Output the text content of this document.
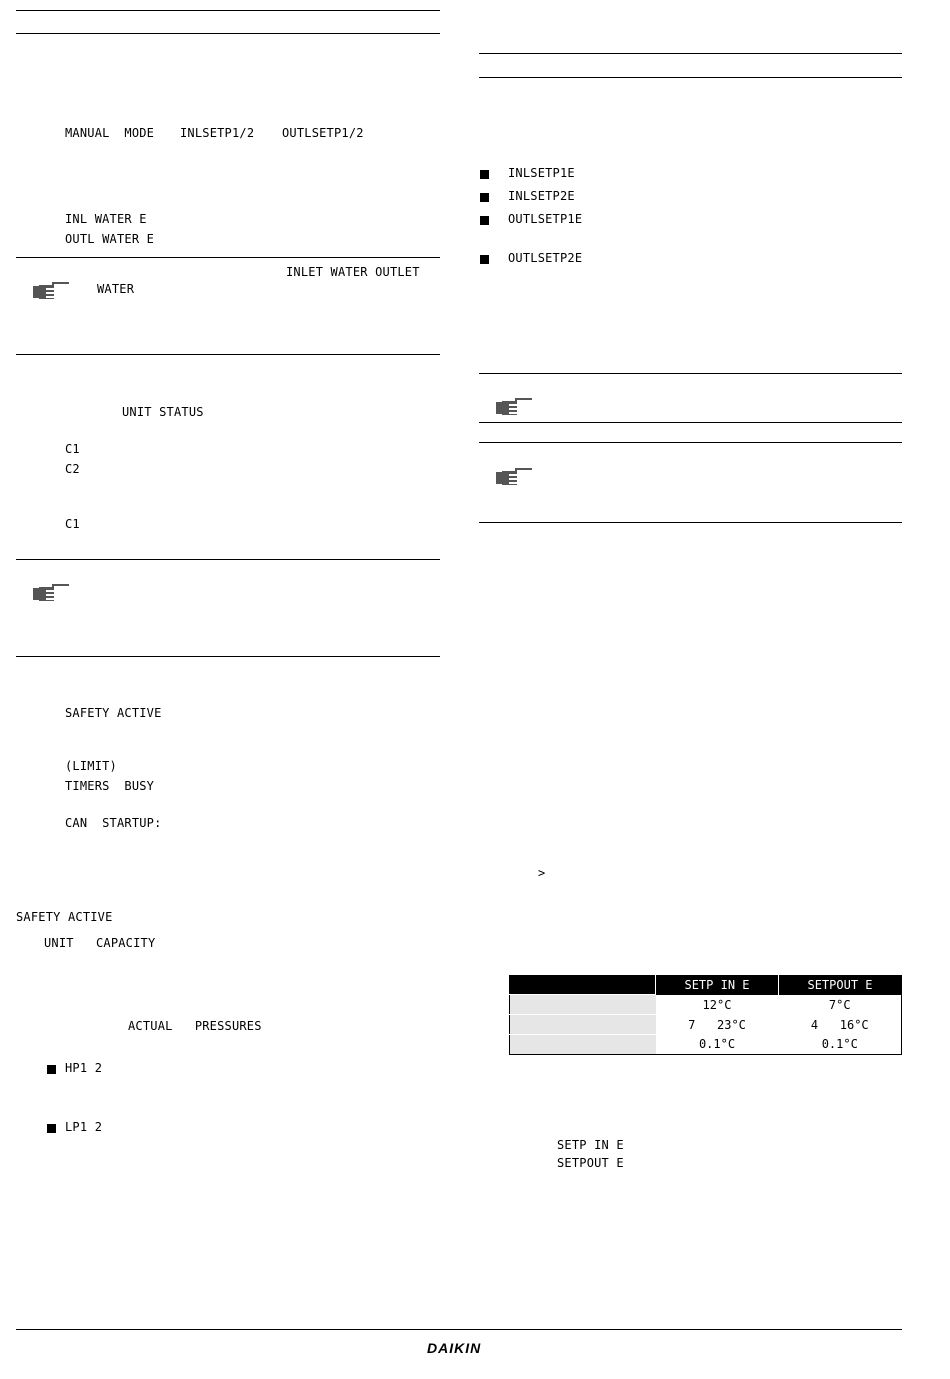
MANUAL  MODE INLSETP1/2 OUTLSETP1/2
INL WATER E
OUTL WATER E
INLET WATER OUTLET
WATER
UNIT STATUS
C1
C2
C1
SAFETY ACTIVE
(LIMIT)
TIMERS  BUSY
CAN  STARTUP:
SAFETY ACTIVE
UNIT   CAPACITY
ACTUAL   PRESSURES
HP1 2
LP1 2
INLSETP1E
INLSETP2E
OUTLSETP1E
OUTLSETP2E
>
	SETP IN E	SETPOUT E
	12°C	7°C
	7   23°C	4   16°C
	0.1°C	0.1°C
SETP IN E
SETPOUT E
DAIKIN
